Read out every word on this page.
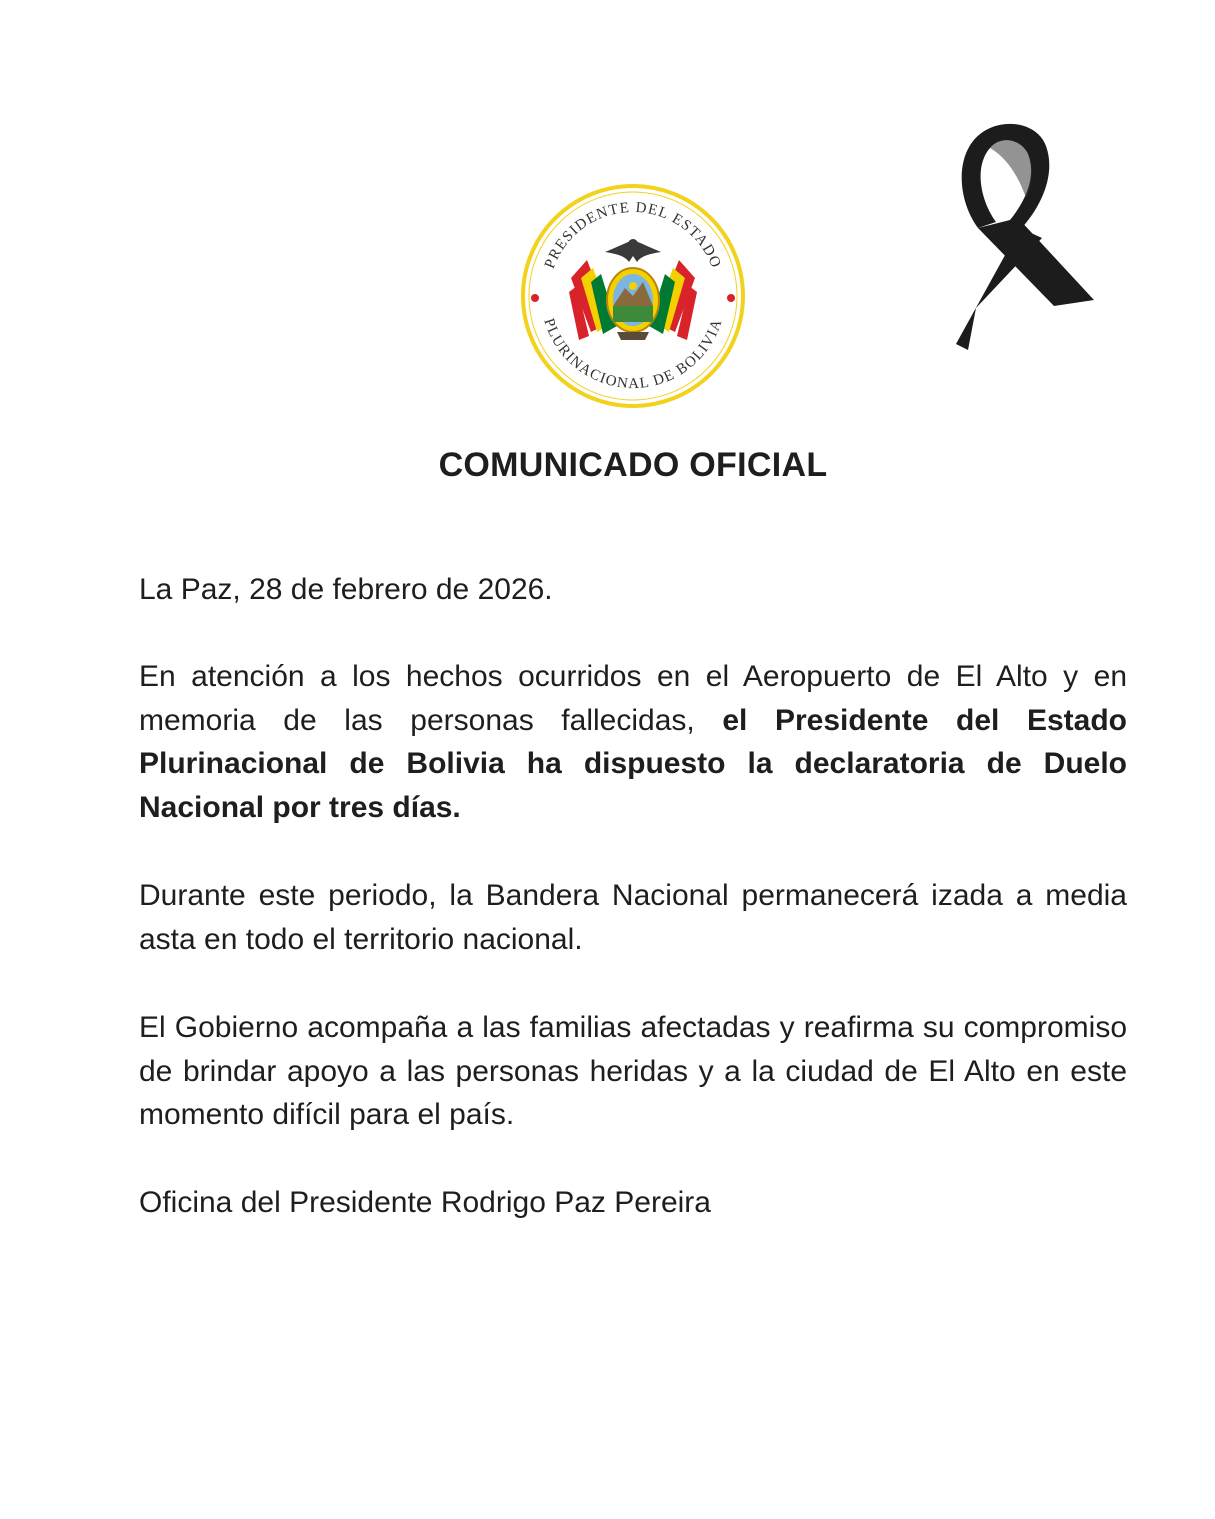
PRESIDENTE DEL ESTADO
PLURINACIONAL DE BOLIVIA
COMUNICADO OFICIAL

La Paz, 28 de febrero de 2026.

En atención a los hechos ocurridos en el Aeropuerto de El Alto y en memoria de las personas fallecidas, el Presidente del Estado Plurinacional de Bolivia ha dispuesto la declaratoria de Duelo Nacional por tres días.

Durante este periodo, la Bandera Nacional permanecerá izada a media asta en todo el territorio nacional.

El Gobierno acompaña a las familias afectadas y reafirma su compromiso de brindar apoyo a las personas heridas y a la ciudad de El Alto en este momento difícil para el país.

Oficina del Presidente Rodrigo Paz Pereira
